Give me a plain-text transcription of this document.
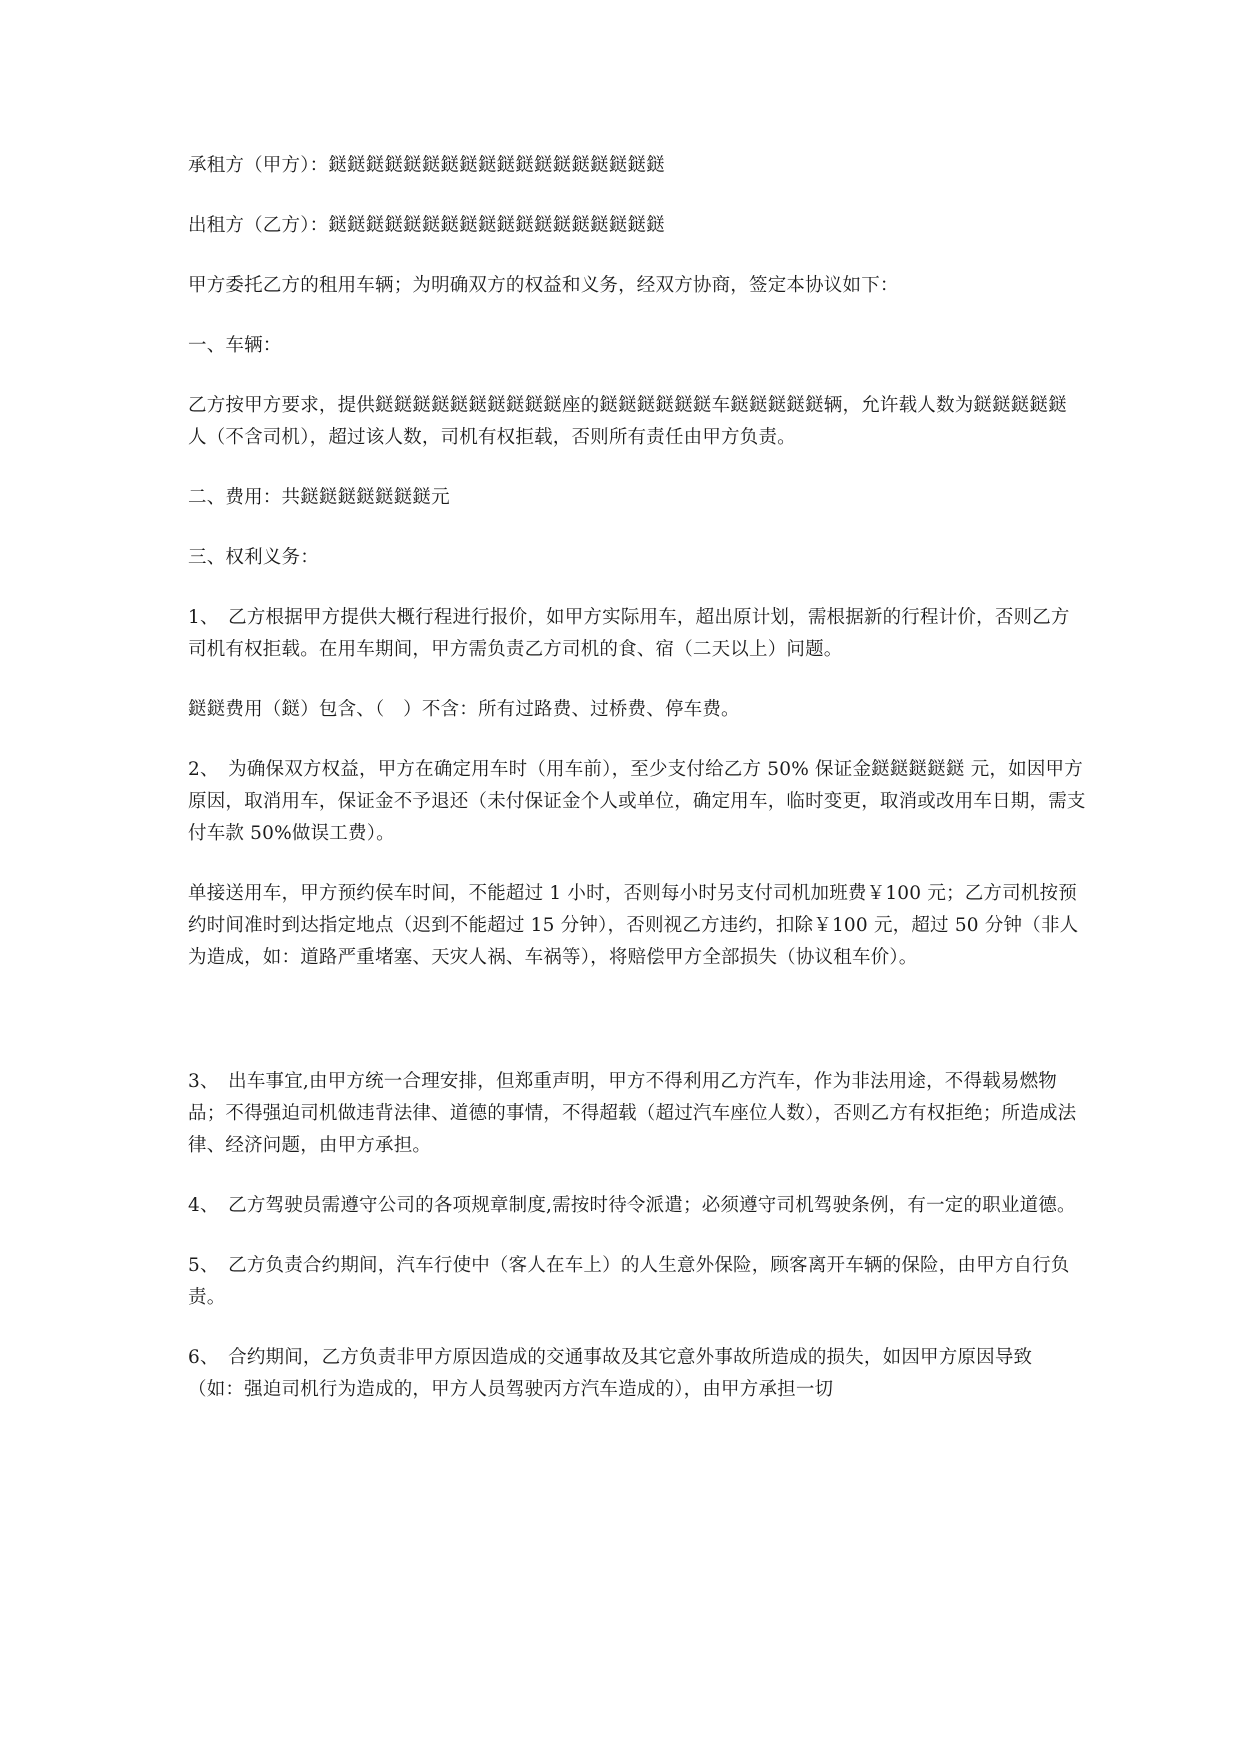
承租方（甲方）：鎹鎹鎹鎹鎹鎹鎹鎹鎹鎹鎹鎹鎹鎹鎹鎹鎹鎹

出租方（乙方）：鎹鎹鎹鎹鎹鎹鎹鎹鎹鎹鎹鎹鎹鎹鎹鎹鎹鎹

甲方委托乙方的租用车辆；为明确双方的权益和义务，经双方协商，签定本协议如下：

一、车辆：

乙方按甲方要求，提供鎹鎹鎹鎹鎹鎹鎹鎹鎹鎹座的鎹鎹鎹鎹鎹鎹车鎹鎹鎹鎹鎹辆，允许载人数为鎹鎹鎹鎹鎹 人（不含司机），超过该人数，司机有权拒载，否则所有责任由甲方负责。

二、费用：共鎹鎹鎹鎹鎹鎹鎹元

三、权利义务：

1、　乙方根据甲方提供大概行程进行报价，如甲方实际用车，超出原计划，需根据新的行程计价，否则乙方司机有权拒载。在用车期间，甲方需负责乙方司机的食、宿（二天以上）问题。

鎹鎹费用（鎹）包含、（　）不含：所有过路费、过桥费、停车费。

2、　为确保双方权益，甲方在确定用车时（用车前），至少支付给乙方 50% 保证金鎹鎹鎹鎹鎹 元，如因甲方原因，取消用车，保证金不予退还（未付保证金个人或单位，确定用车，临时变更，取消或改用车日期，需支付车款 50%做误工费）。

单接送用车，甲方预约侯车时间，不能超过 1 小时，否则每小时另支付司机加班费￥100 元；乙方司机按预约时间准时到达指定地点（迟到不能超过 15 分钟），否则视乙方违约，扣除￥100 元，超过 50 分钟（非人为造成，如：道路严重堵塞、天灾人祸、车祸等），将赔偿甲方全部损失（协议租车价）。

3、　出车事宜,由甲方统一合理安排，但郑重声明，甲方不得利用乙方汽车，作为非法用途，不得载易燃物品；不得强迫司机做违背法律、道德的事情，不得超载（超过汽车座位人数），否则乙方有权拒绝；所造成法律、经济问题，由甲方承担。

4、　乙方驾驶员需遵守公司的各项规章制度,需按时待令派遣；必须遵守司机驾驶条例，有一定的职业道德。

5、　乙方负责合约期间，汽车行使中（客人在车上）的人生意外保险，顾客离开车辆的保险，由甲方自行负责。

6、　合约期间，乙方负责非甲方原因造成的交通事故及其它意外事故所造成的损失，如因甲方原因导致（如：强迫司机行为造成的，甲方人员驾驶丙方汽车造成的），由甲方承担一切
